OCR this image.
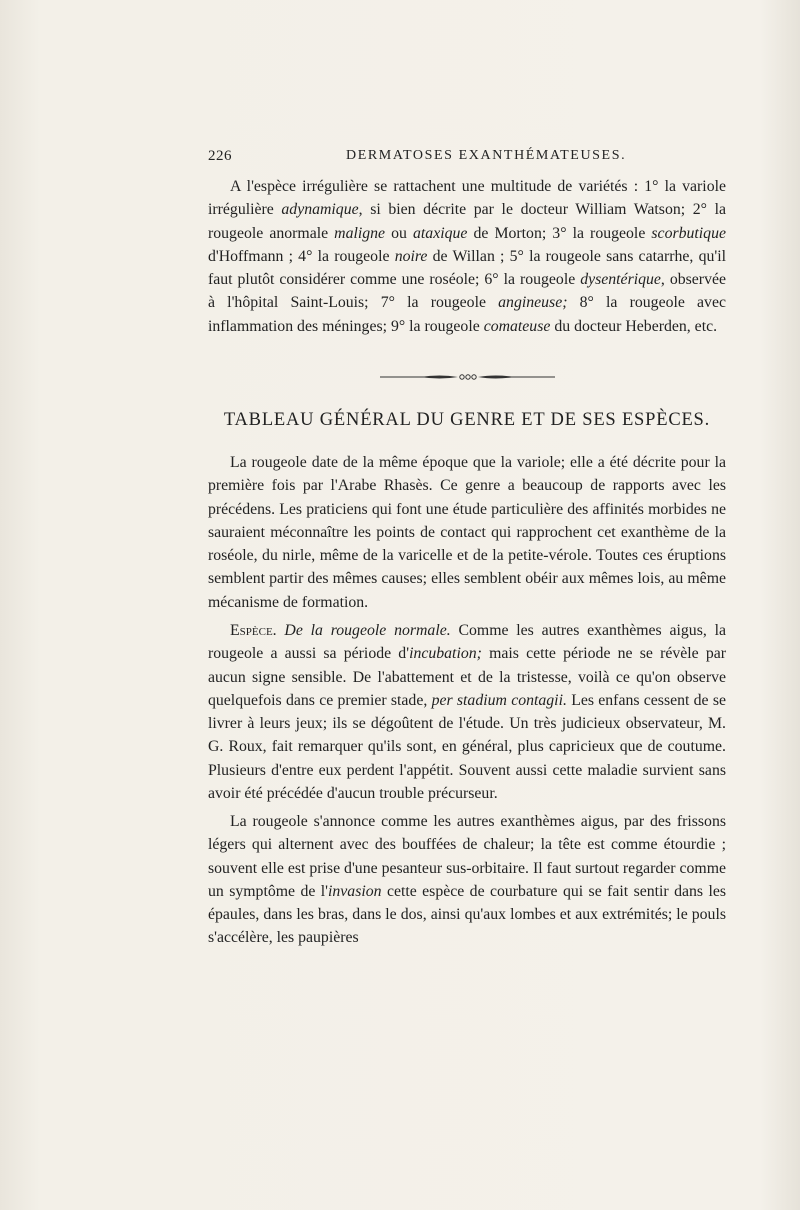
226	DERMATOSES EXANTHÉMATEUSES.

A l'espèce irrégulière se rattachent une multitude de variétés : 1° la variole irrégulière adynamique, si bien décrite par le docteur William Watson; 2° la rougeole anormale maligne ou ataxique de Morton; 3° la rougeole scorbutique d'Hoffmann ; 4° la rougeole noire de Willan ; 5° la rougeole sans catarrhe, qu'il faut plutôt considérer comme une roséole; 6° la rougeole dysentérique, observée à l'hôpital Saint-Louis; 7° la rougeole angineuse; 8° la rougeole avec inflammation des méninges; 9° la rougeole comateuse du docteur Heberden, etc.

TABLEAU GÉNÉRAL DU GENRE ET DE SES ESPÈCES.

La rougeole date de la même époque que la variole; elle a été décrite pour la première fois par l'Arabe Rhasès. Ce genre a beaucoup de rapports avec les précédens. Les praticiens qui font une étude particulière des affinités morbides ne sauraient méconnaître les points de contact qui rapprochent cet exanthème de la roséole, du nirle, même de la varicelle et de la petite-vérole. Toutes ces éruptions semblent partir des mêmes causes; elles semblent obéir aux mêmes lois, au même mécanisme de formation.

Espèce. De la rougeole normale. Comme les autres exanthèmes aigus, la rougeole a aussi sa période d'incubation; mais cette période ne se révèle par aucun signe sensible. De l'abattement et de la tristesse, voilà ce qu'on observe quelquefois dans ce premier stade, per stadium contagii. Les enfans cessent de se livrer à leurs jeux; ils se dégoûtent de l'étude. Un très judicieux observateur, M. G. Roux, fait remarquer qu'ils sont, en général, plus capricieux que de coutume. Plusieurs d'entre eux perdent l'appétit. Souvent aussi cette maladie survient sans avoir été précédée d'aucun trouble précurseur.

La rougeole s'annonce comme les autres exanthèmes aigus, par des frissons légers qui alternent avec des bouffées de chaleur; la tête est comme étourdie ; souvent elle est prise d'une pesanteur sus-orbitaire. Il faut surtout regarder comme un symptôme de l'invasion cette espèce de courbature qui se fait sentir dans les épaules, dans les bras, dans le dos, ainsi qu'aux lombes et aux extrémités; le pouls s'accélère, les paupières
